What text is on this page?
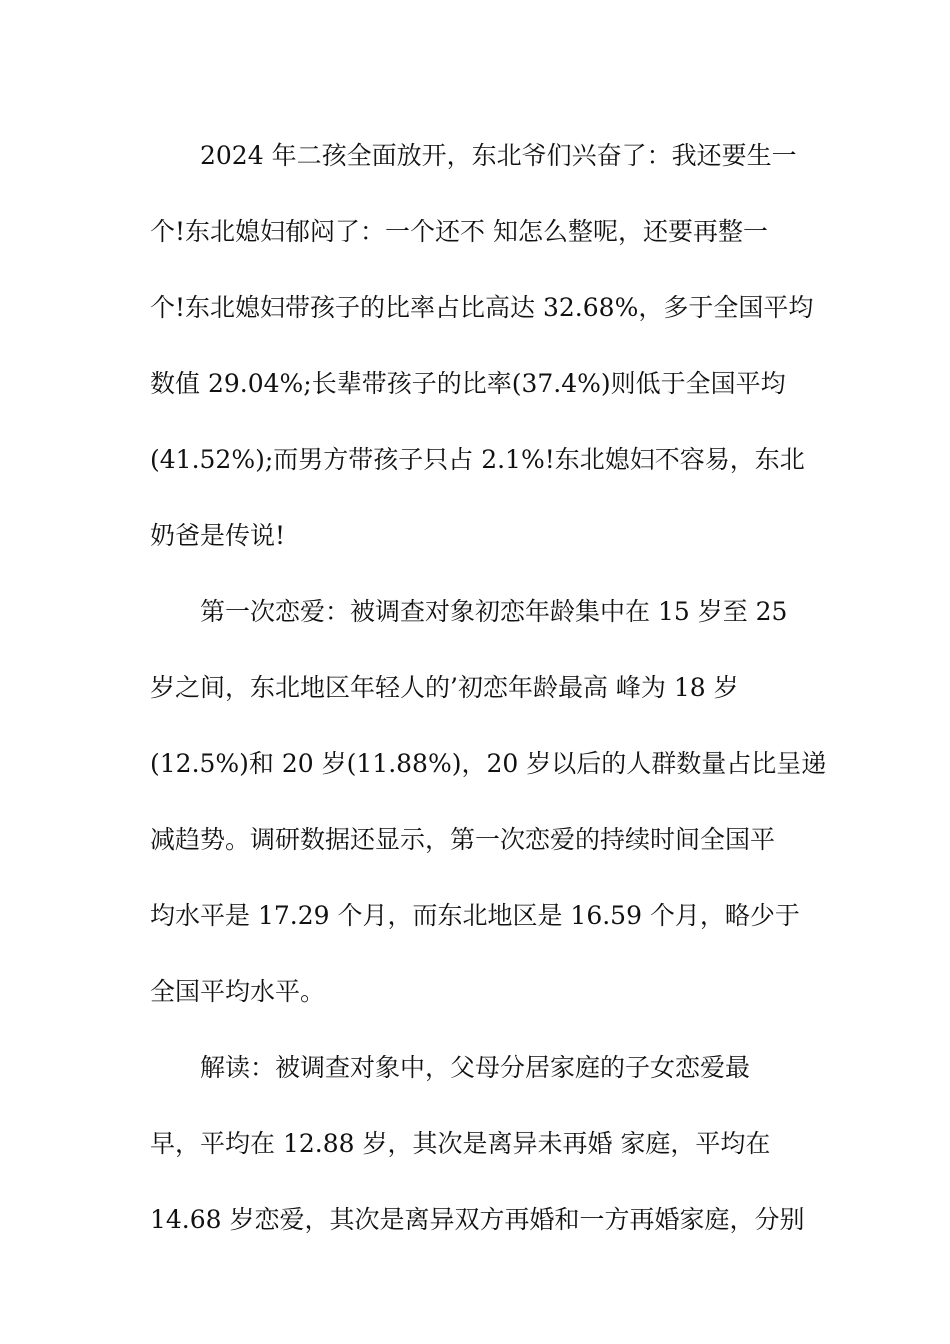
2024 年二孩全面放开，东北爷们兴奋了：我还要生一
个!东北媳妇郁闷了：一个还不 知怎么整呢，还要再整一
个!东北媳妇带孩子的比率占比高达 32.68%，多于全国平均
数值 29.04%;长辈带孩子的比率(37.4%)则低于全国平均
(41.52%);而男方带孩子只占 2.1%!东北媳妇不容易，东北
奶爸是传说!
第一次恋爱：被调查对象初恋年龄集中在 15 岁至 25
岁之间，东北地区年轻人的’初恋年龄最高 峰为 18 岁
(12.5%)和 20 岁(11.88%)，20 岁以后的人群数量占比呈递
减趋势。调研数据还显示，第一次恋爱的持续时间全国平
均水平是 17.29 个月，而东北地区是 16.59 个月，略少于
全国平均水平。
解读：被调查对象中，父母分居家庭的子女恋爱最
早，平均在 12.88 岁，其次是离异未再婚 家庭，平均在
14.68 岁恋爱，其次是离异双方再婚和一方再婚家庭，分别
